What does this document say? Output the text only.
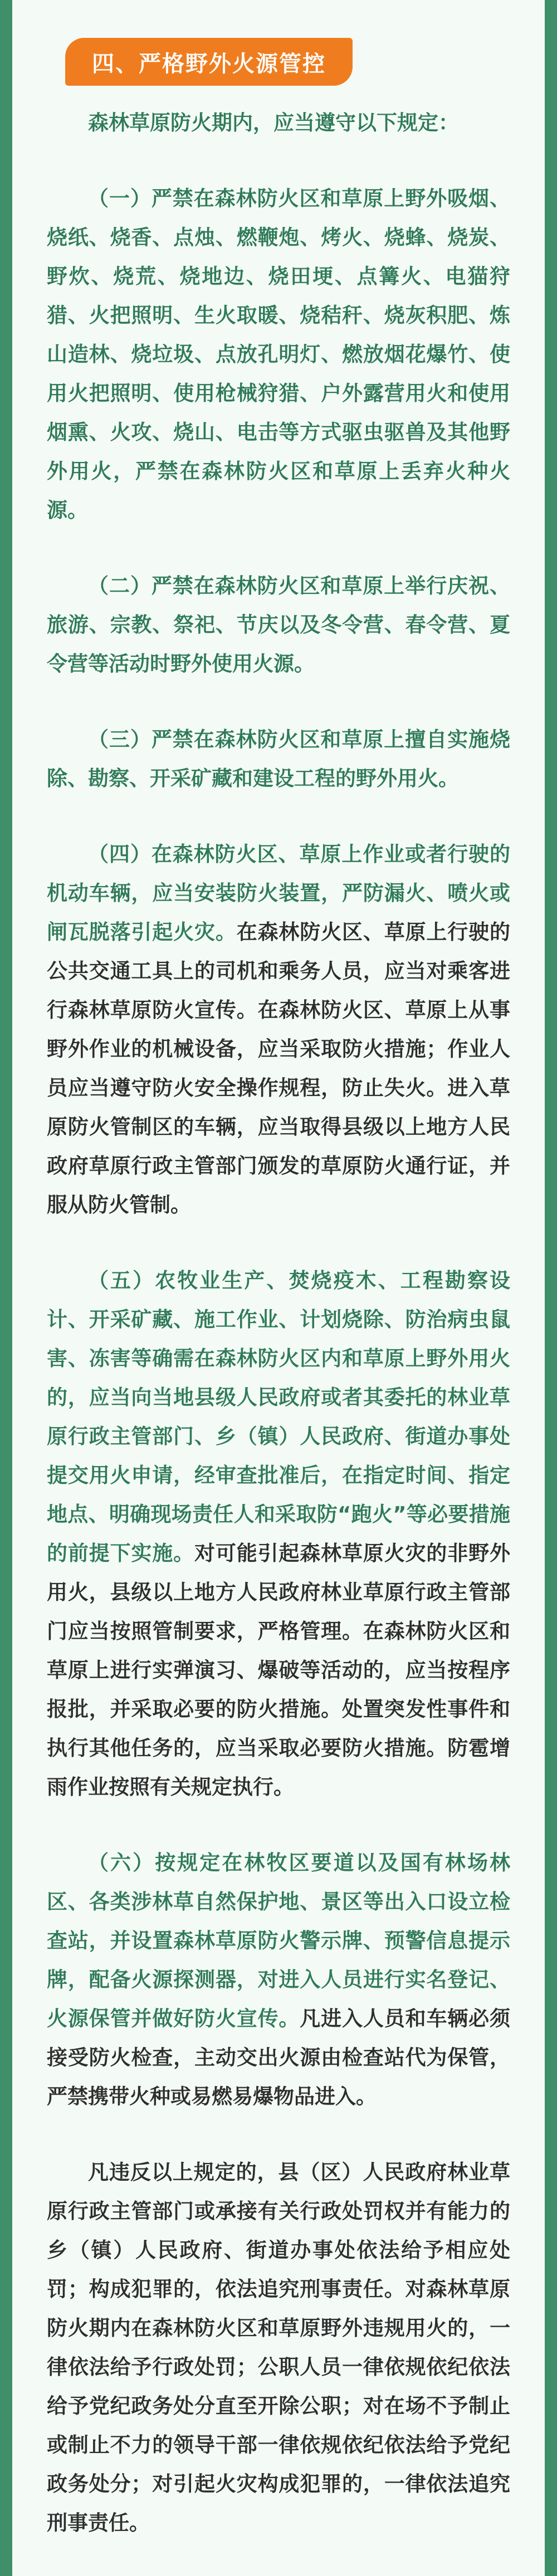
四、严格野外火源管控

森林草原防火期内，应当遵守以下规定：

（一）严禁在森林防火区和草原上野外吸烟、烧纸、烧香、点烛、燃鞭炮、烤火、烧蜂、烧炭、野炊、烧荒、烧地边、烧田埂、点篝火、电猫狩猎、火把照明、生火取暖、烧秸秆、烧灰积肥、炼山造林、烧垃圾、点放孔明灯、燃放烟花爆竹、使用火把照明、使用枪械狩猎、户外露营用火和使用烟熏、火攻、烧山、电击等方式驱虫驱兽及其他野外用火，严禁在森林防火区和草原上丢弃火种火源。

（二）严禁在森林防火区和草原上举行庆祝、旅游、宗教、祭祀、节庆以及冬令营、春令营、夏令营等活动时野外使用火源。

（三）严禁在森林防火区和草原上擅自实施烧除、勘察、开采矿藏和建设工程的野外用火。

（四）在森林防火区、草原上作业或者行驶的机动车辆，应当安装防火装置，严防漏火、喷火或闸瓦脱落引起火灾。在森林防火区、草原上行驶的公共交通工具上的司机和乘务人员，应当对乘客进行森林草原防火宣传。在森林防火区、草原上从事野外作业的机械设备，应当采取防火措施；作业人员应当遵守防火安全操作规程，防止失火。进入草原防火管制区的车辆，应当取得县级以上地方人民政府草原行政主管部门颁发的草原防火通行证，并服从防火管制。

（五）农牧业生产、焚烧疫木、工程勘察设计、开采矿藏、施工作业、计划烧除、防治病虫鼠害、冻害等确需在森林防火区内和草原上野外用火的，应当向当地县级人民政府或者其委托的林业草原行政主管部门、乡（镇）人民政府、街道办事处提交用火申请，经审查批准后，在指定时间、指定地点、明确现场责任人和采取防“跑火”等必要措施的前提下实施。对可能引起森林草原火灾的非野外用火，县级以上地方人民政府林业草原行政主管部门应当按照管制要求，严格管理。在森林防火区和草原上进行实弹演习、爆破等活动的，应当按程序报批，并采取必要的防火措施。处置突发性事件和执行其他任务的，应当采取必要防火措施。防雹增雨作业按照有关规定执行。

（六）按规定在林牧区要道以及国有林场林区、各类涉林草自然保护地、景区等出入口设立检查站，并设置森林草原防火警示牌、预警信息提示牌，配备火源探测器，对进入人员进行实名登记、火源保管并做好防火宣传。凡进入人员和车辆必须接受防火检查，主动交出火源由检查站代为保管，严禁携带火种或易燃易爆物品进入。

凡违反以上规定的，县（区）人民政府林业草原行政主管部门或承接有关行政处罚权并有能力的乡（镇）人民政府、街道办事处依法给予相应处罚；构成犯罪的，依法追究刑事责任。对森林草原防火期内在森林防火区和草原野外违规用火的，一律依法给予行政处罚；公职人员一律依规依纪依法给予党纪政务处分直至开除公职；对在场不予制止或制止不力的领导干部一律依规依纪依法给予党纪政务处分；对引起火灾构成犯罪的，一律依法追究刑事责任。
